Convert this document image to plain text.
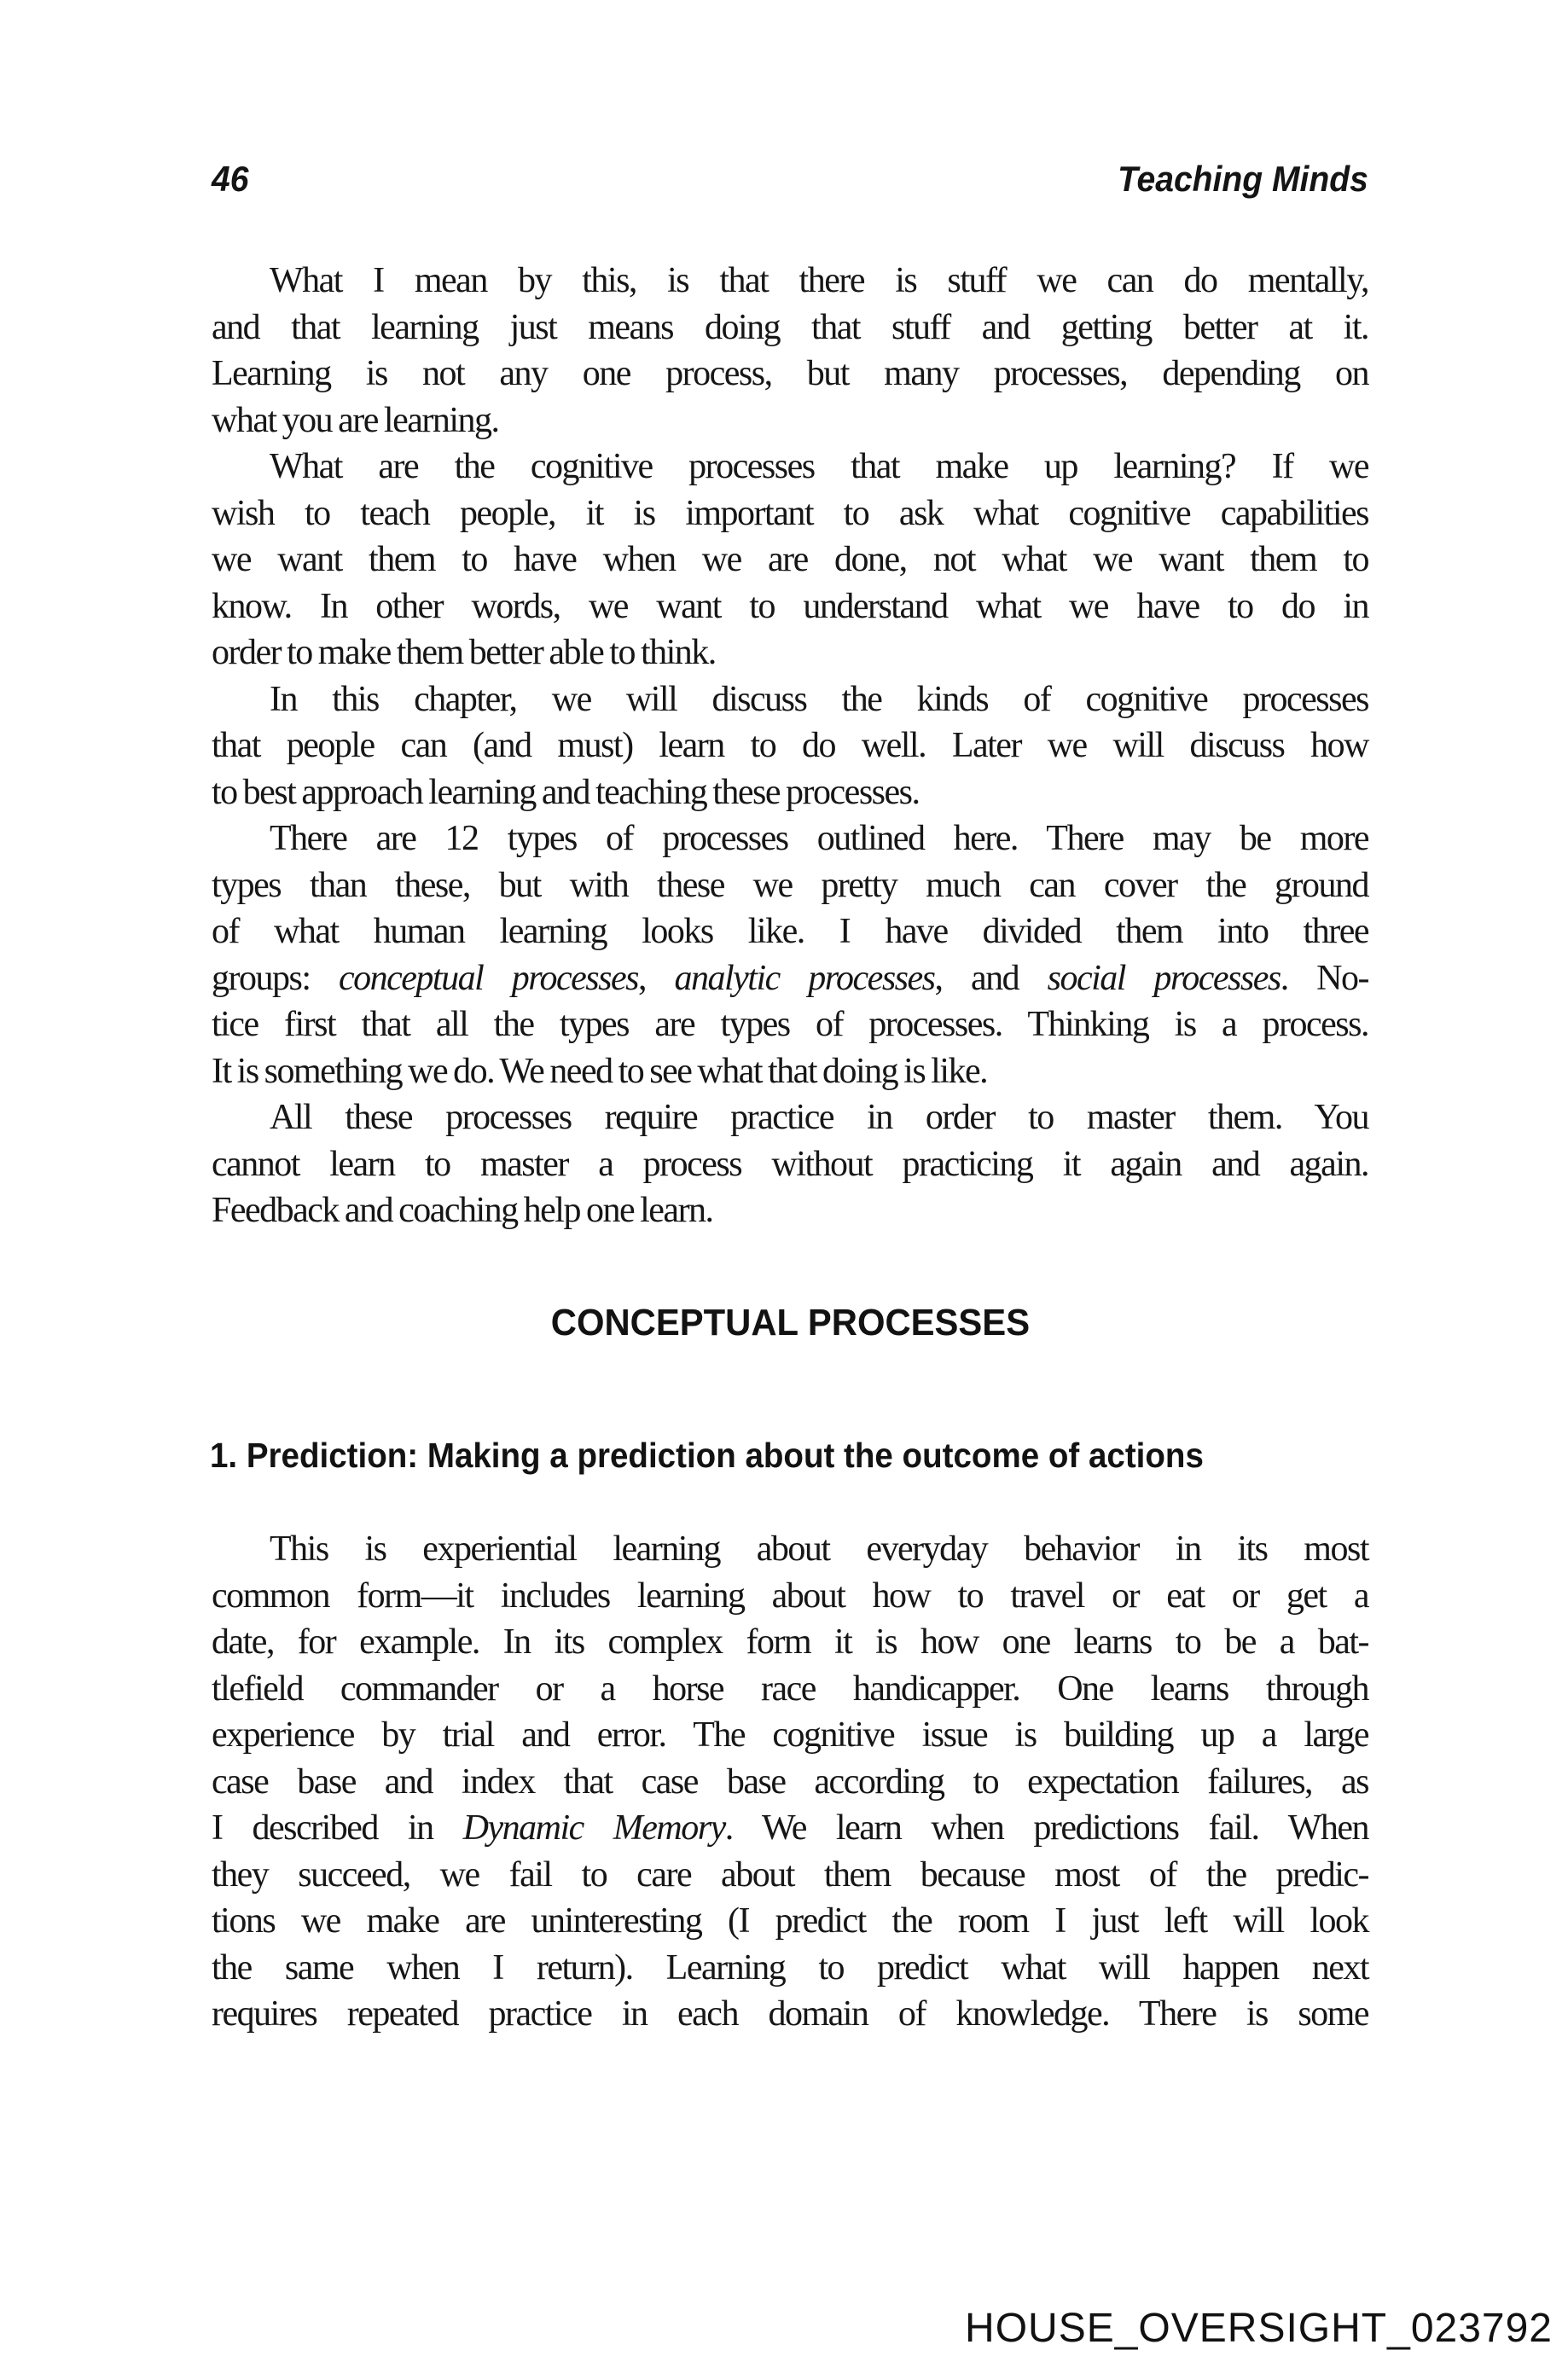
46	Teaching Minds
What I mean by this, is that there is stuff we can do mentally,
and that learning just means doing that stuff and getting better at it.
Learning is not any one process, but many processes, depending on
what you are learning.
What are the cognitive processes that make up learning? If we
wish to teach people, it is important to ask what cognitive capabilities
we want them to have when we are done, not what we want them to
know. In other words, we want to understand what we have to do in
order to make them better able to think.
In this chapter, we will discuss the kinds of cognitive processes
that people can (and must) learn to do well. Later we will discuss how
to best approach learning and teaching these processes.
There are 12 types of processes outlined here. There may be more
types than these, but with these we pretty much can cover the ground
of what human learning looks like. I have divided them into three
groups: conceptual processes, analytic processes, and social processes. No-
tice first that all the types are types of processes. Thinking is a process.
It is something we do. We need to see what that doing is like.
All these processes require practice in order to master them. You
cannot learn to master a process without practicing it again and again.
Feedback and coaching help one learn.
CONCEPTUAL PROCESSES
1. Prediction: Making a prediction about the outcome of actions
This is experiential learning about everyday behavior in its most
common form—it includes learning about how to travel or eat or get a
date, for example. In its complex form it is how one learns to be a bat-
tlefield commander or a horse race handicapper. One learns through
experience by trial and error. The cognitive issue is building up a large
case base and index that case base according to expectation failures, as
I described in Dynamic Memory. We learn when predictions fail. When
they succeed, we fail to care about them because most of the predic-
tions we make are uninteresting (I predict the room I just left will look
the same when I return). Learning to predict what will happen next
requires repeated practice in each domain of knowledge. There is some
HOUSE_OVERSIGHT_023792
